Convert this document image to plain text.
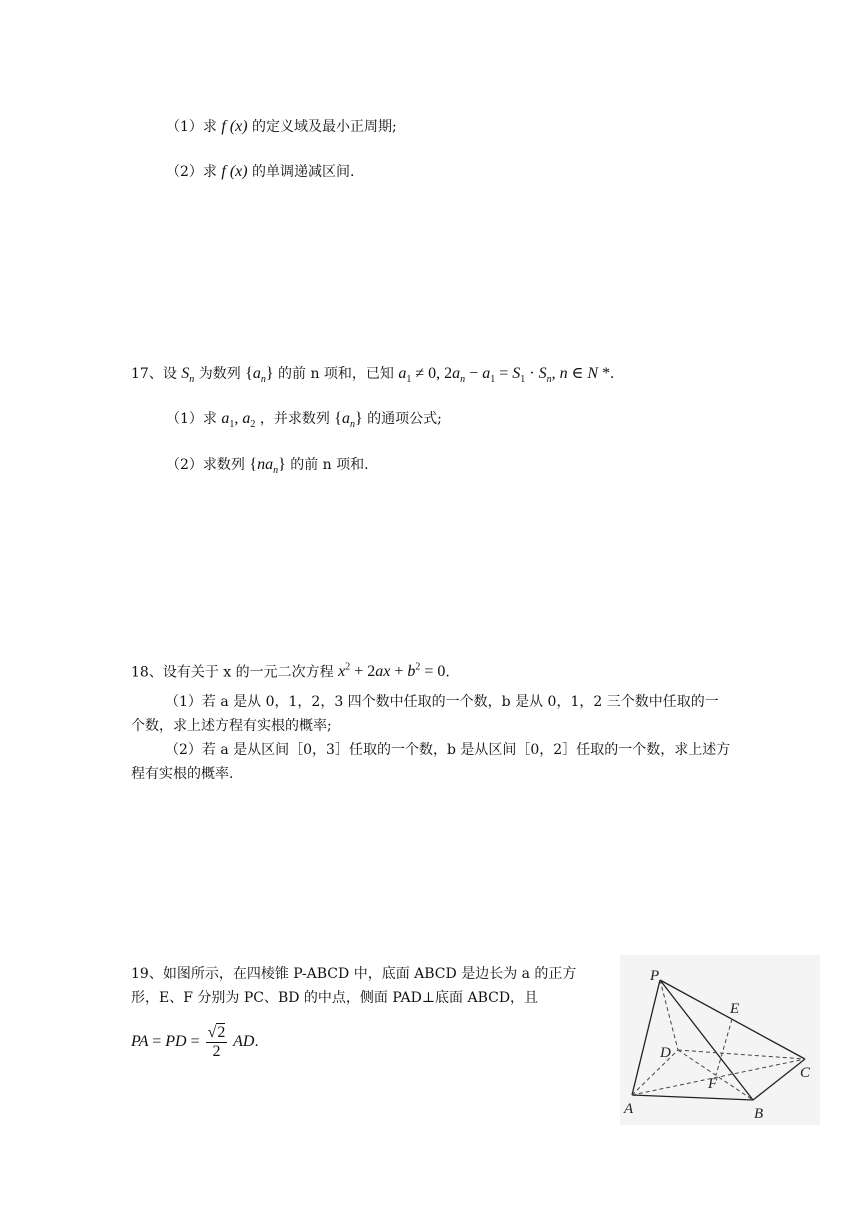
（1）求 f (x) 的定义域及最小正周期;
（2）求 f (x) 的单调递减区间.
17、设 $S_n$ 为数列 $\{a_n\}$ 的前 n 项和，已知 $a_1 \ne 0$, $2a_n - a_1 = S_1 \cdot S_n$, n ∈ N *.
（1）求 $a_1$, $a_2$ ，并求数列 $\{a_n\}$ 的通项公式;
（2）求数列 $\{na_n\}$ 的前 n 项和.
18、设有关于 x 的一元二次方程 $x^2 + 2ax + b^2 = 0$.
（1）若 a 是从 0，1，2，3 四个数中任取的一个数，b 是从 0，1，2 三个数中任取的一个数，求上述方程有实根的概率;
（2）若 a 是从区间［0，3］任取的一个数，b 是从区间［0，2］任取的一个数，求上述方程有实根的概率.
19、如图所示，在四棱锥 P-ABCD 中，底面 ABCD 是边长为 a 的正方形，E、F 分别为 PC、BD 的中点，侧面 PAD⊥底面 ABCD，且
PA = PD = $\frac{√2}{2}$ AD.
P
E
D
C
F
A	B
